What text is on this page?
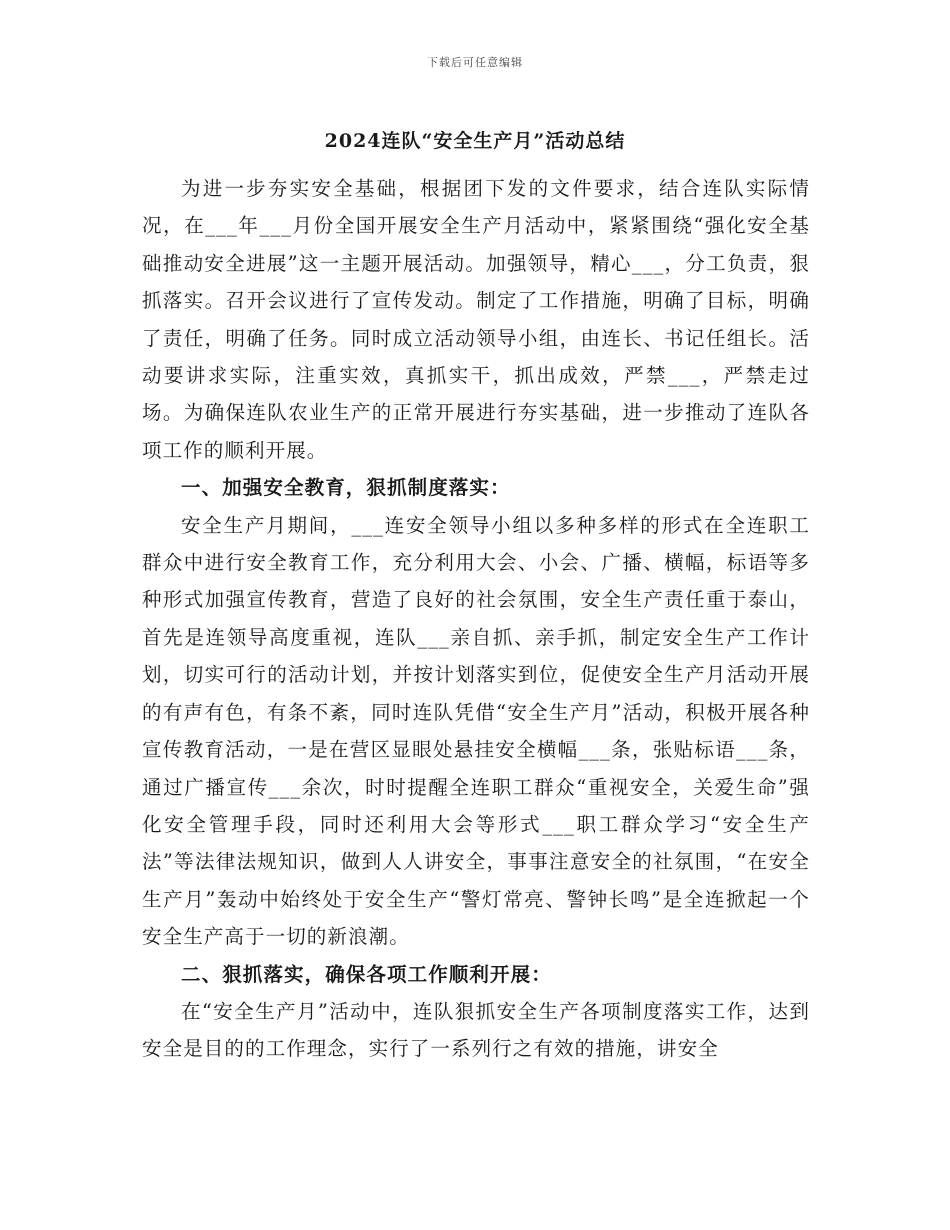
下载后可任意编辑
2024连队“安全生产月”活动总结

为进一步夯实安全基础，根据团下发的文件要求，结合连队实际情况，在___年___月份全国开展安全生产月活动中，紧紧围绕“强化安全基础推动安全进展”这一主题开展活动。加强领导，精心___，分工负责，狠抓落实。召开会议进行了宣传发动。制定了工作措施，明确了目标，明确了责任，明确了任务。同时成立活动领导小组，由连长、书记任组长。活动要讲求实际，注重实效，真抓实干，抓出成效，严禁___，严禁走过场。为确保连队农业生产的正常开展进行夯实基础，进一步推动了连队各项工作的顺利开展。

一、加强安全教育，狠抓制度落实：

安全生产月期间，___连安全领导小组以多种多样的形式在全连职工群众中进行安全教育工作，充分利用大会、小会、广播、横幅，标语等多种形式加强宣传教育，营造了良好的社会氛围，安全生产责任重于泰山，首先是连领导高度重视，连队___亲自抓、亲手抓，制定安全生产工作计划，切实可行的活动计划，并按计划落实到位，促使安全生产月活动开展的有声有色，有条不紊，同时连队凭借“安全生产月”活动，积极开展各种宣传教育活动，一是在营区显眼处悬挂安全横幅___条，张贴标语___条，通过广播宣传___余次，时时提醒全连职工群众“重视安全，关爱生命”强化安全管理手段，同时还利用大会等形式___职工群众学习“安全生产法”等法律法规知识，做到人人讲安全，事事注意安全的社氛围，“在安全生产月”轰动中始终处于安全生产“警灯常亮、警钟长鸣”是全连掀起一个安全生产高于一切的新浪潮。

二、狠抓落实，确保各项工作顺利开展：

在“安全生产月”活动中，连队狠抓安全生产各项制度落实工作，达到安全是目的的工作理念，实行了一系列行之有效的措施，讲安全
